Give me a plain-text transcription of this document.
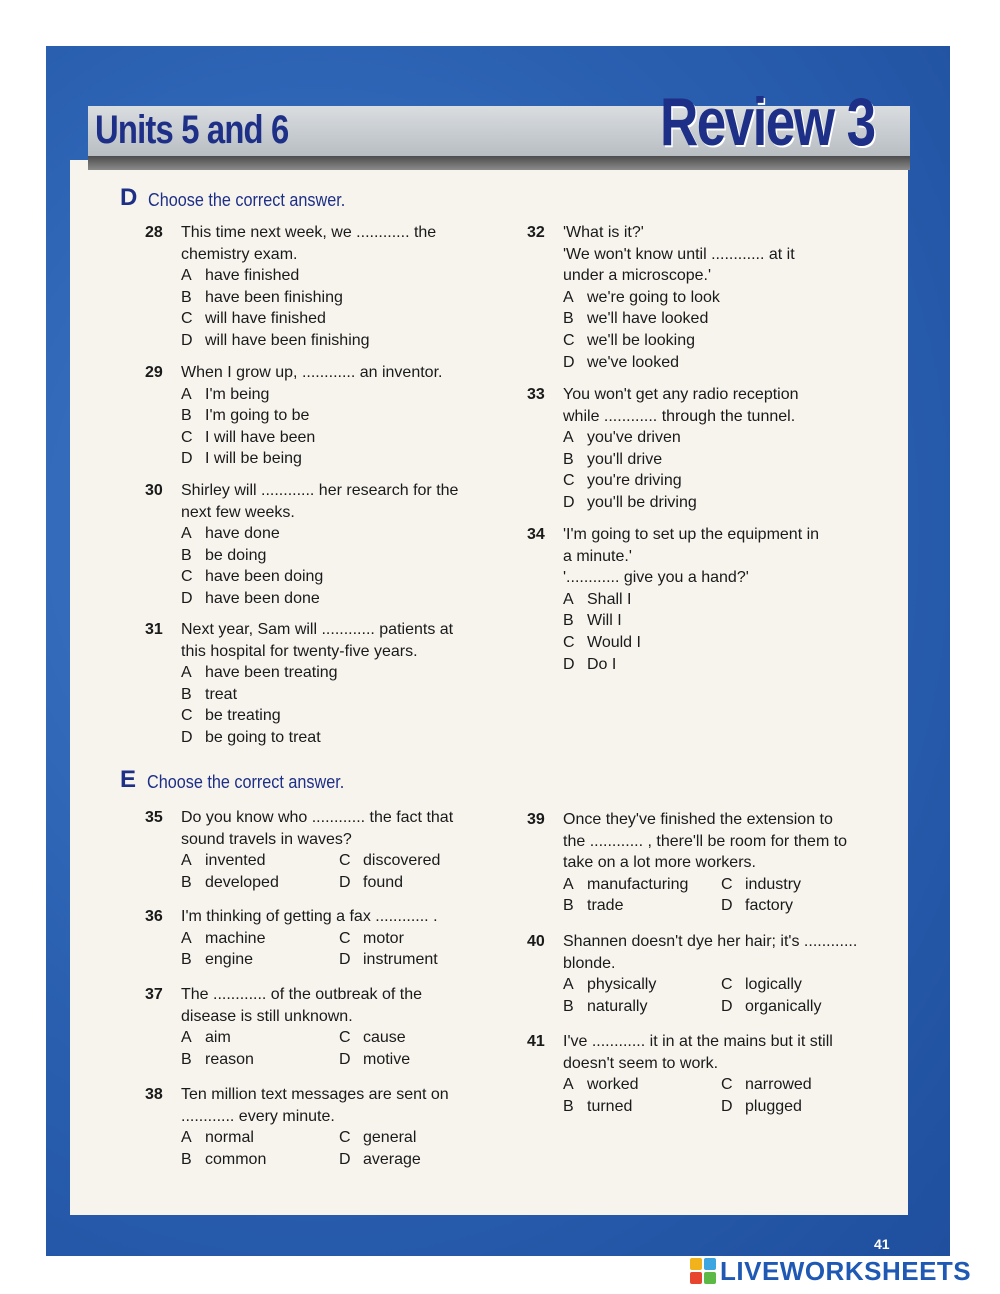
Units 5 and 6	Review 3
D Choose the correct answer.
E Choose the correct answer.
28 This time next week, we ............ the
chemistry exam.
A have finished
B have been finishing
C will have finished
D will have been finishing
29 When I grow up, ............ an inventor.
A I'm being
B I'm going to be
C I will have been
D I will be being
30 Shirley will ............ her research for the
next few weeks.
A have done
B be doing
C have been doing
D have been done
31 Next year, Sam will ............ patients at
this hospital for twenty-five years.
A have been treating
B treat
C be treating
D be going to treat
32 'What is it?'
'We won't know until ............ at it
under a microscope.'
A we're going to look
B we'll have looked
C we'll be looking
D we've looked
33 You won't get any radio reception
while ............ through the tunnel.
A you've driven
B you'll drive
C you're driving
D you'll be driving
34 'I'm going to set up the equipment in
a minute.'
'............ give you a hand?'
A Shall I
B Will I
C Would I
D Do I
35 Do you know who ............ the fact that
sound travels in waves?
A invented	C discovered
B developed	D found
36 I'm thinking of getting a fax ............ .
A machine	C motor
B engine	D instrument
37 The ............ of the outbreak of the
disease is still unknown.
A aim	C cause
B reason	D motive
38 Ten million text messages are sent on
............ every minute.
A normal	C general
B common	D average
39 Once they've finished the extension to
the ............ , there'll be room for them to
take on a lot more workers.
A manufacturing	C industry
B trade	D factory
40 Shannen doesn't dye her hair; it's ............
blonde.
A physically	C logically
B naturally	D organically
41 I've ............ it in at the mains but it still
doesn't seem to work.
A worked	C narrowed
B turned	D plugged
41
LIVEWORKSHEETS
